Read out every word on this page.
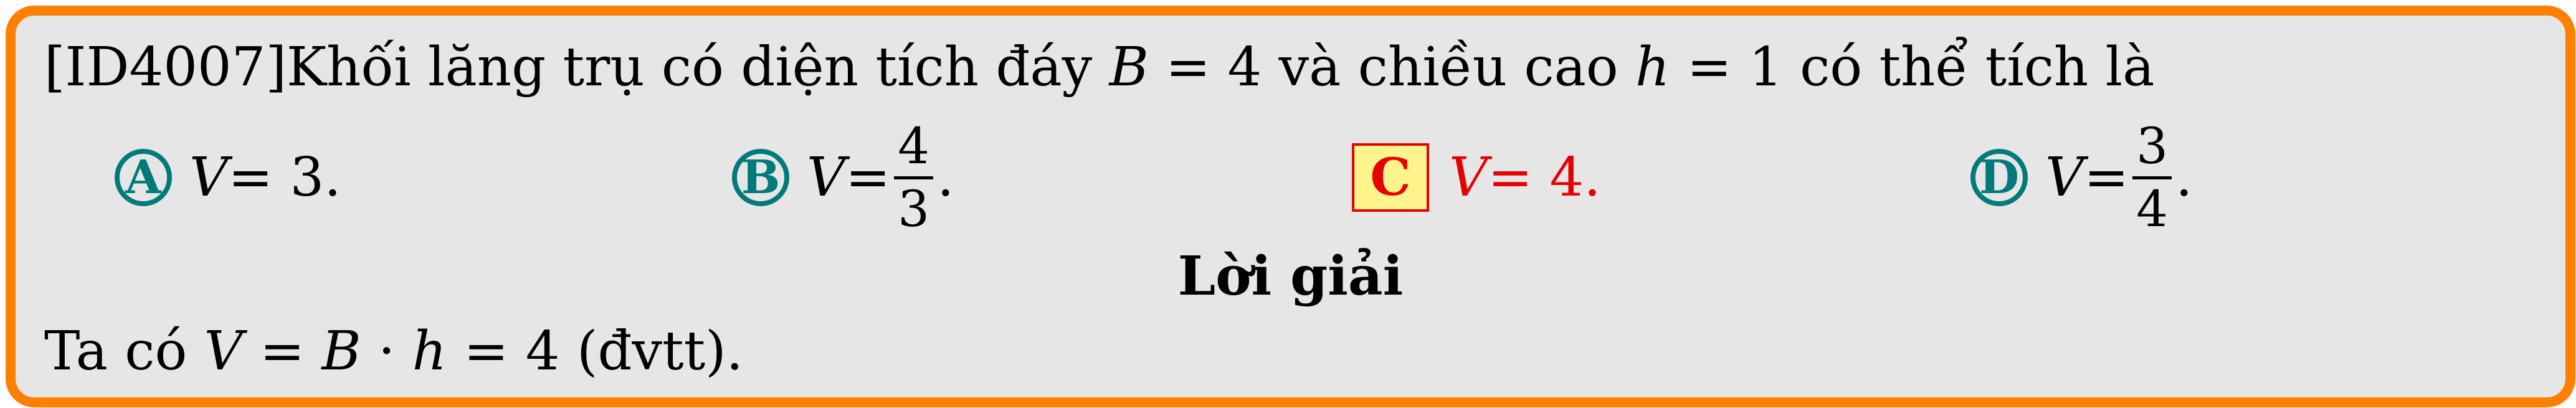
[ID4007]Khối lăng trụ có diện tích đáy B = 4 và chiều cao h = 1 có thể tích là
A V = 3.	B V =
4
3 .	C V = 4.	D V =
3
4 .
Lời giải
Ta có V = B · h = 4 (đvtt).
